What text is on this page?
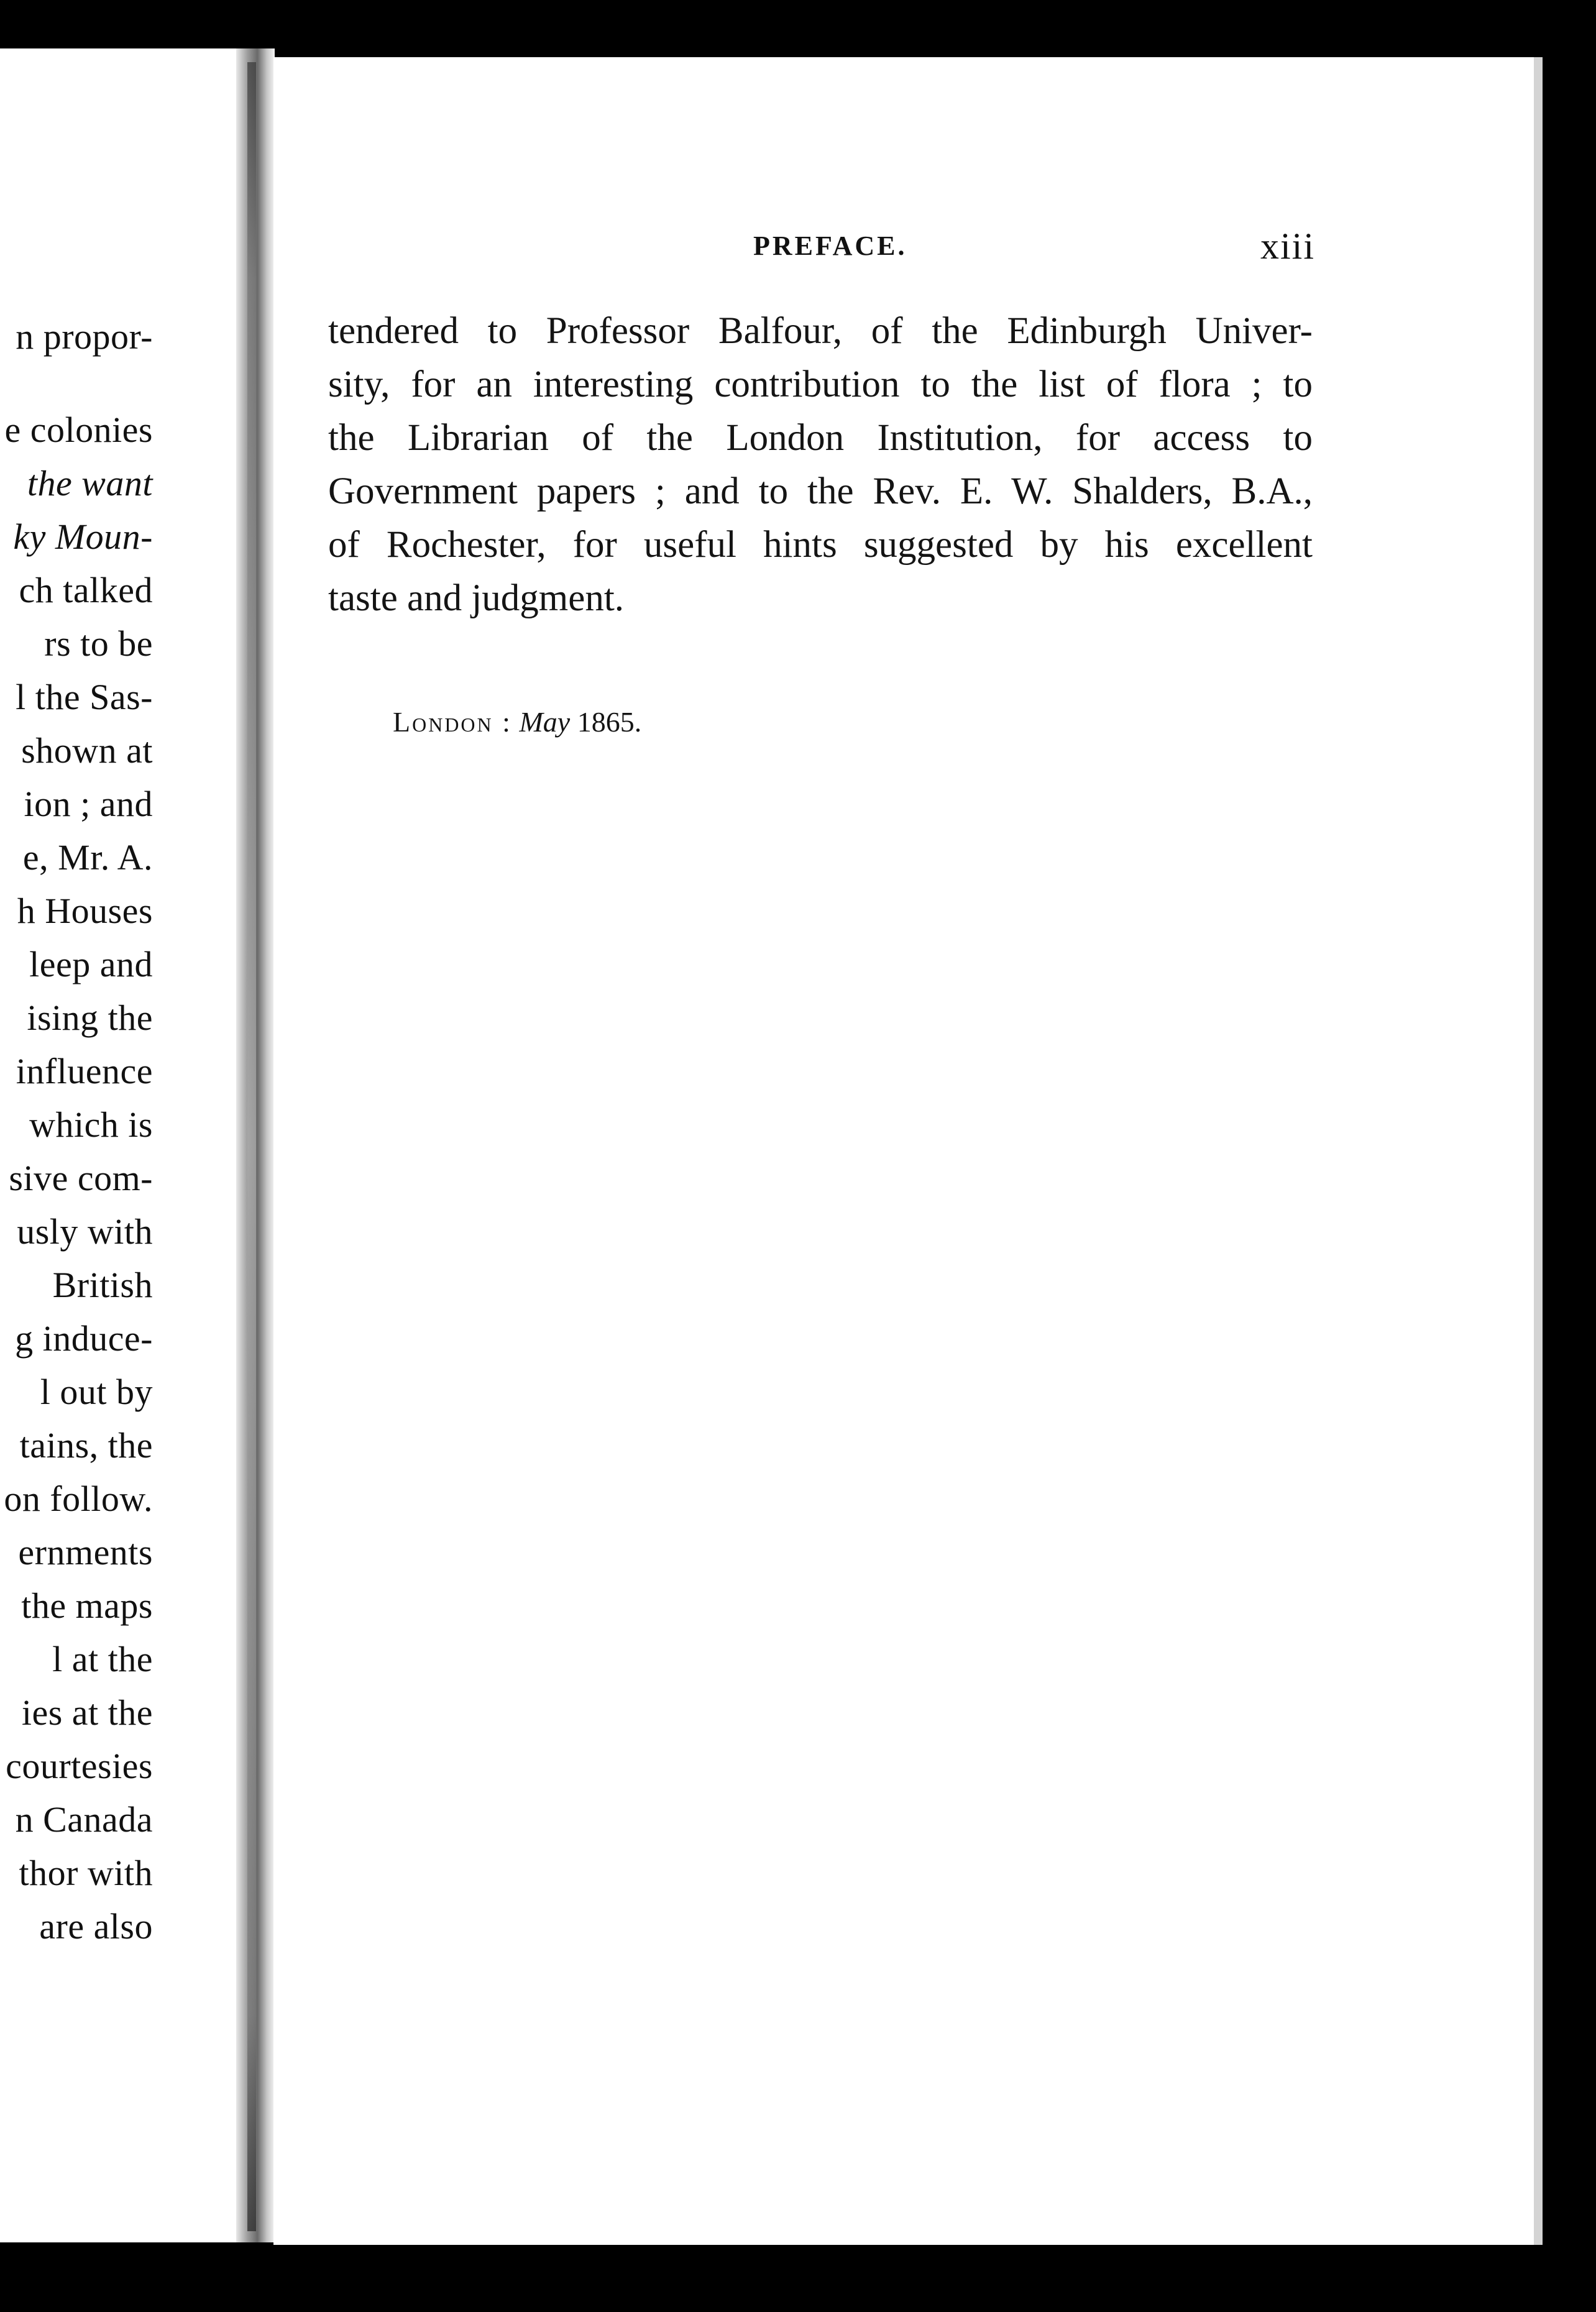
n propor-
e colonies
the want
ky Moun-
ch talked
rs to be
l the Sas-
shown at
ion ; and
e, Mr. A.
h Houses
leep and
ising the
influence
which is
sive com-
usly with
British
g induce-
l out by
tains, the
on follow.
ernments
the maps
l at the
ies at the
courtesies
n Canada
thor with
are also
PREFACE.	xiii
tendered to Professor Balfour, of the Edinburgh Univer-
sity, for an interesting contribution to the list of flora ; to
the Librarian of the London Institution, for access to
Government papers ; and to the Rev. E. W. Shalders, B.A.,
of Rochester, for useful hints suggested by his excellent
taste and judgment.
London : May 1865.
